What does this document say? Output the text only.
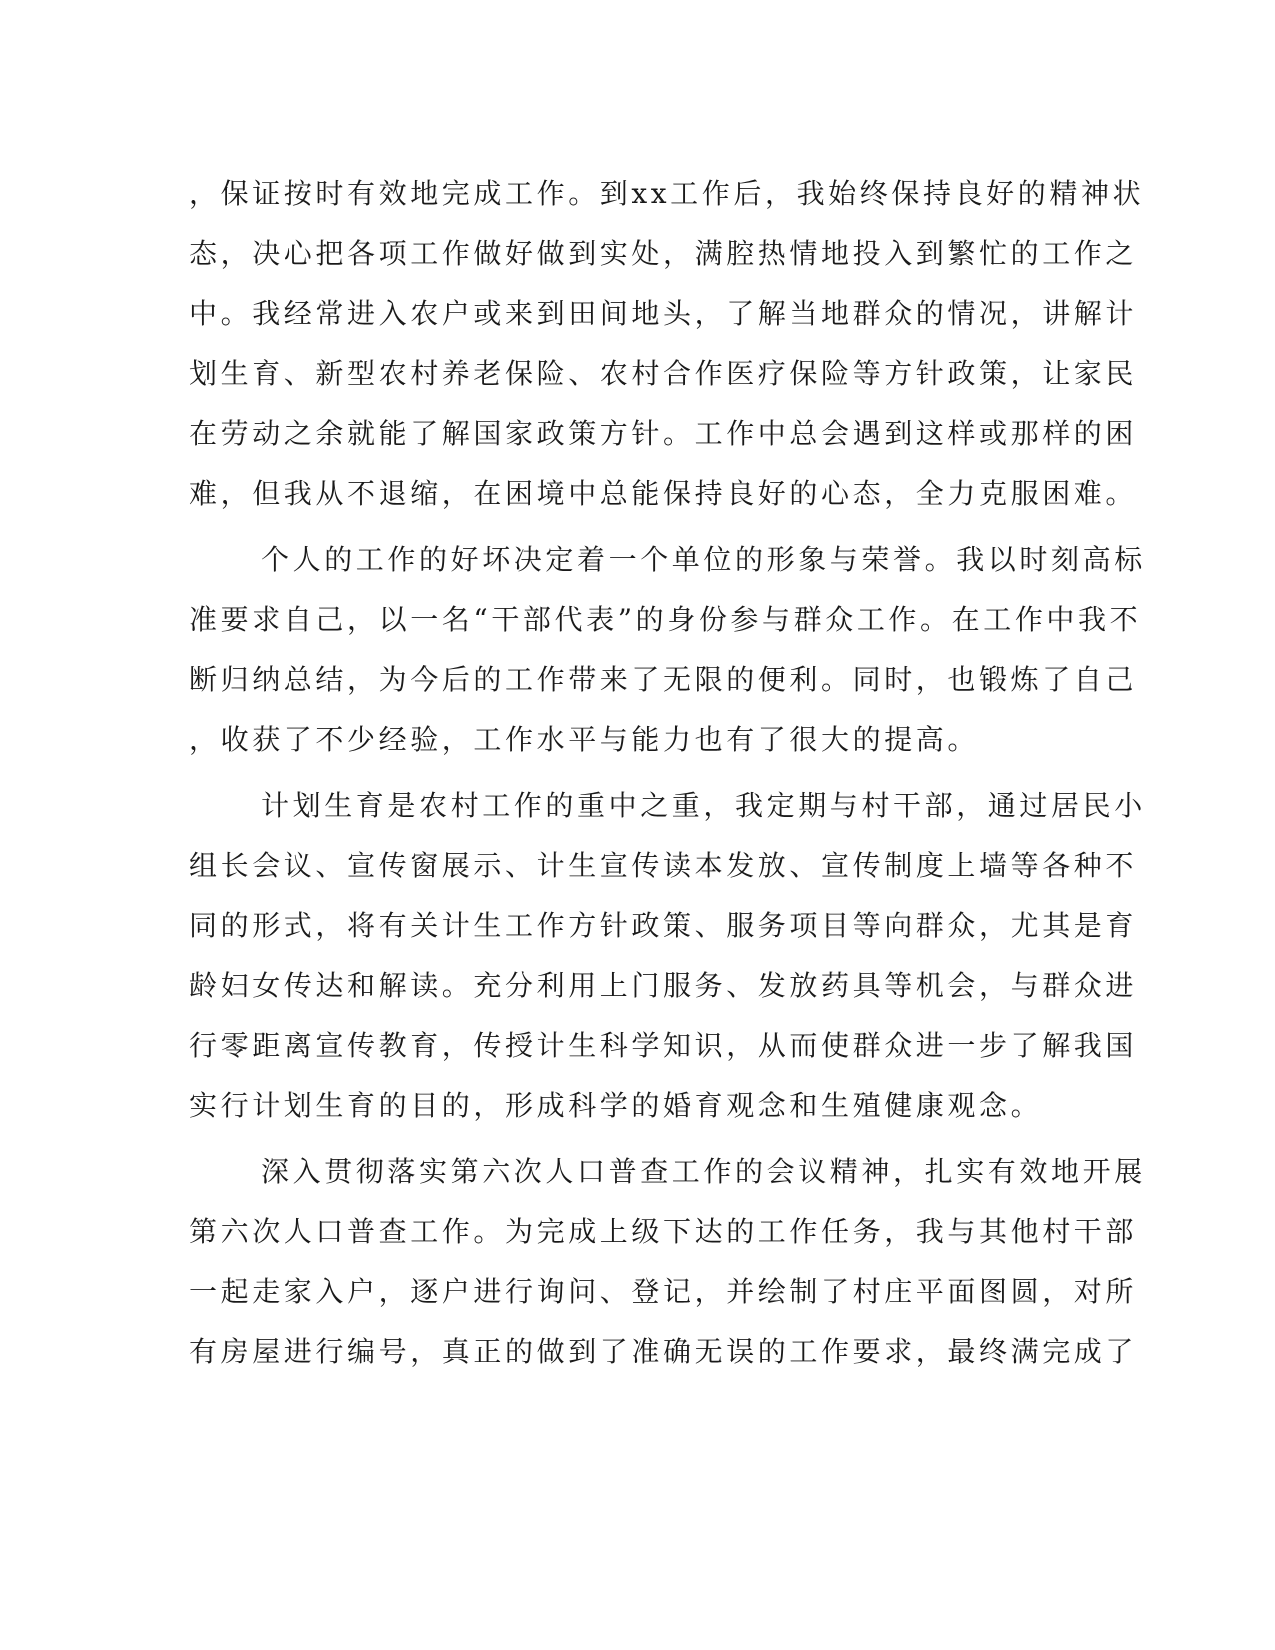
，保证按时有效地完成工作。到xx工作后，我始终保持良好的精神状
态，决心把各项工作做好做到实处，满腔热情地投入到繁忙的工作之
中。我经常进入农户或来到田间地头，了解当地群众的情况，讲解计
划生育、新型农村养老保险、农村合作医疗保险等方针政策，让家民
在劳动之余就能了解国家政策方针。工作中总会遇到这样或那样的困
难，但我从不退缩，在困境中总能保持良好的心态，全力克服困难。
个人的工作的好坏决定着一个单位的形象与荣誉。我以时刻高标
准要求自己，以一名“干部代表”的身份参与群众工作。在工作中我不
断归纳总结，为今后的工作带来了无限的便利。同时，也锻炼了自己
，收获了不少经验，工作水平与能力也有了很大的提高。
计划生育是农村工作的重中之重，我定期与村干部，通过居民小
组长会议、宣传窗展示、计生宣传读本发放、宣传制度上墙等各种不
同的形式，将有关计生工作方针政策、服务项目等向群众，尤其是育
龄妇女传达和解读。充分利用上门服务、发放药具等机会，与群众进
行零距离宣传教育，传授计生科学知识，从而使群众进一步了解我国
实行计划生育的目的，形成科学的婚育观念和生殖健康观念。
深入贯彻落实第六次人口普查工作的会议精神，扎实有效地开展
第六次人口普查工作。为完成上级下达的工作任务，我与其他村干部
一起走家入户，逐户进行询问、登记，并绘制了村庄平面图圆，对所
有房屋进行编号，真正的做到了准确无误的工作要求，最终满完成了
